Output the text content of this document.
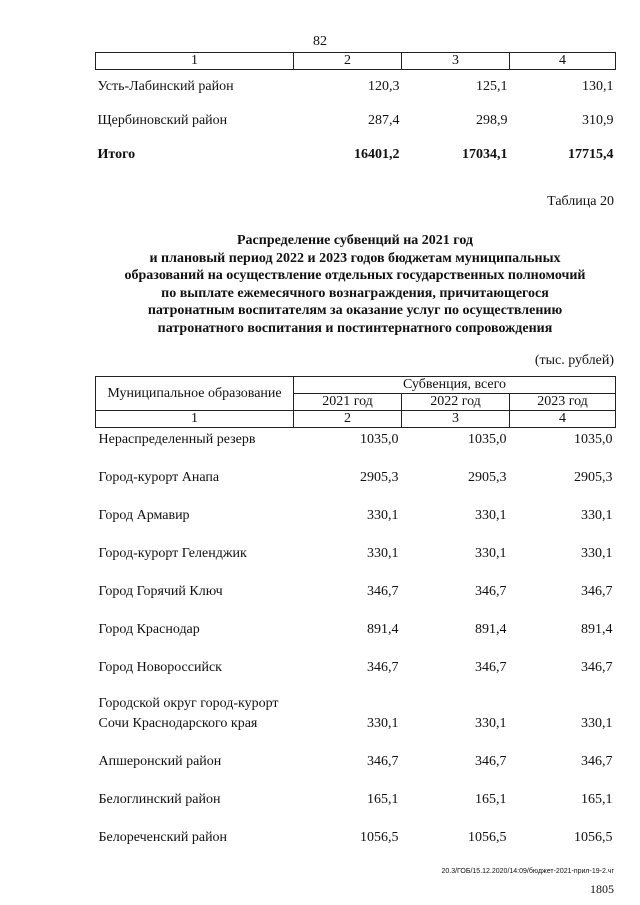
82
1	2	3	4
Усть-Лабинский район	120,3	125,1	130,1
Щербиновский район	287,4	298,9	310,9
Итого	16401,2	17034,1	17715,4
Таблица 20
Распределение субвенций на 2021 год
и плановый период 2022 и 2023 годов бюджетам муниципальных
образований на осуществление отдельных государственных полномочий
по выплате ежемесячного вознаграждения, причитающегося
патронатным воспитателям за оказание услуг по осуществлению
патронатного воспитания и постинтернатного сопровождения
(тыс. рублей)
Муниципальное образование	Субвенция, всего		
	2021 год	2022 год	2023 год
1	2	3	4
Нераспределенный резерв	1035,0	1035,0	1035,0
Город-курорт Анапа	2905,3	2905,3	2905,3
Город Армавир	330,1	330,1	330,1
Город-курорт Геленджик	330,1	330,1	330,1
Город Горячий Ключ	346,7	346,7	346,7
Город Краснодар	891,4	891,4	891,4
Город Новороссийск	346,7	346,7	346,7

Городской округ город-курорт
Сочи Краснодарского края	330,1	330,1	330,1
Апшеронский район	346,7	346,7	346,7
Белоглинский район	165,1	165,1	165,1
Белореченский район	1056,5	1056,5	1056,5
20.3/ГОБ/15.12.2020/14:09/бюджет-2021-прил-19-2.чг
1805
